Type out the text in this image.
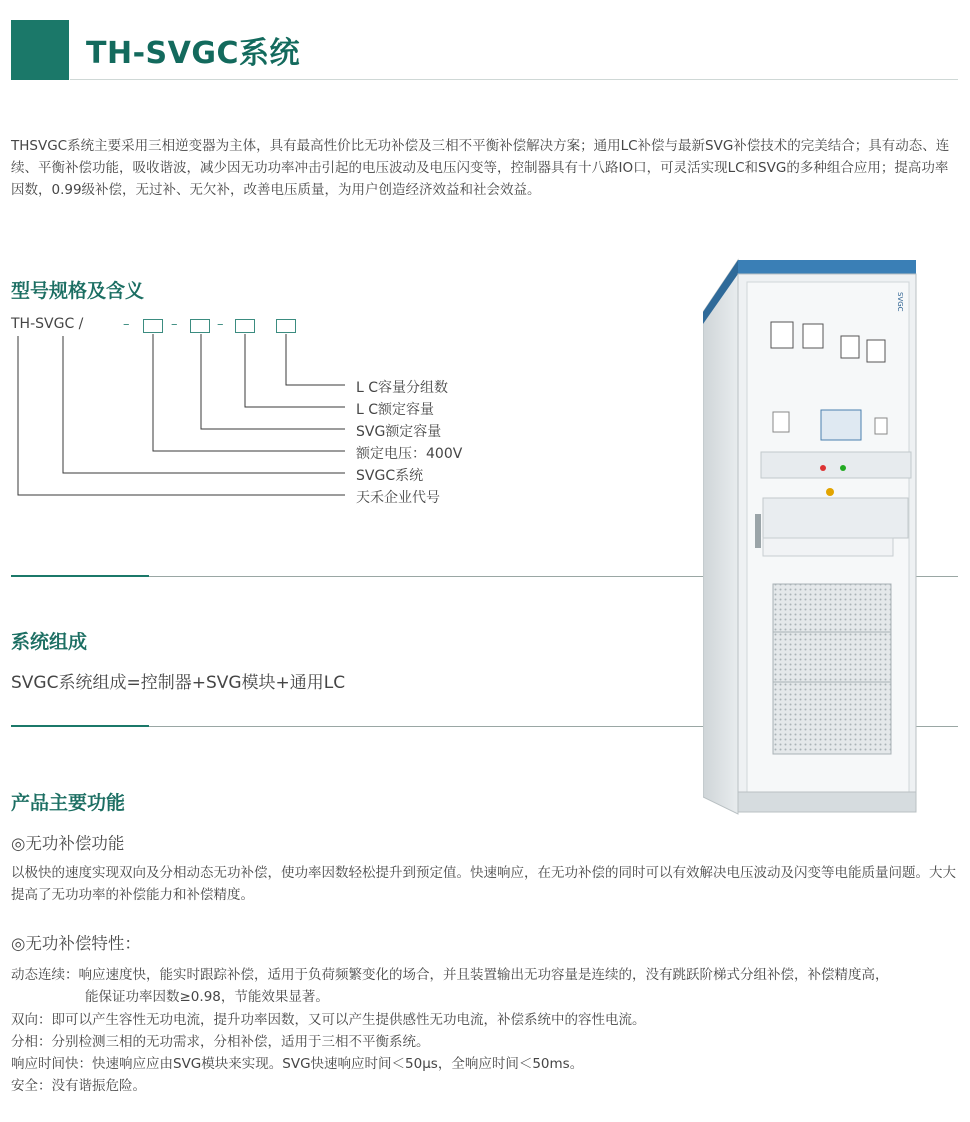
TH-SVGC系统
THSVGC系统主要采用三相逆变器为主体，具有最高性价比无功补偿及三相不平衡补偿解决方案；通用LC补偿与最新SVG补偿技术的完美结合；具有动态、连续、平衡补偿功能，吸收谐波，减少因无功功率冲击引起的电压波动及电压闪变等，控制器具有十八路IO口，可灵活实现LC和SVG的多种组合应用；提高功率因数，0.99级补偿，无过补、无欠补，改善电压质量，为用户创造经济效益和社会效益。
型号规格及含义
TH-SVGC /	–	–	–
L C容量分组数
L C额定容量
SVG额定容量
额定电压：400V
SVGC系统
天禾企业代号
系统组成
SVGC系统组成=控制器+SVG模块+通用LC
SVGC
产品主要功能
◎无功补偿功能
以极快的速度实现双向及分相动态无功补偿，使功率因数轻松提升到预定值。快速响应，在无功补偿的同时可以有效解决电压波动及闪变等电能质量问题。大大提高了无功功率的补偿能力和补偿精度。
◎无功补偿特性：
动态连续：响应速度快，能实时跟踪补偿，适用于负荷频繁变化的场合，并且装置输出无功容量是连续的，没有跳跃阶梯式分组补偿，补偿精度高，
能保证功率因数≥0.98，节能效果显著。
双向：即可以产生容性无功电流，提升功率因数，又可以产生提供感性无功电流，补偿系统中的容性电流。
分相：分别检测三相的无功需求，分相补偿，适用于三相不平衡系统。
响应时间快：快速响应应由SVG模块来实现。SVG快速响应时间＜50μs，全响应时间＜50ms。
安全：没有谐振危险。
